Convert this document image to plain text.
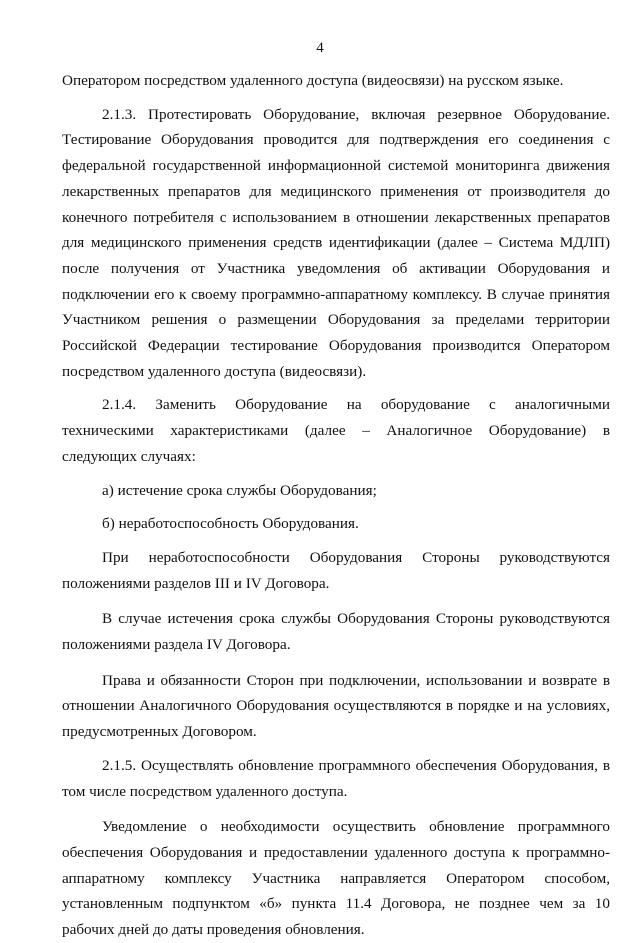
4

Оператором посредством удаленного доступа (видеосвязи) на русском языке.

2.1.3. Протестировать Оборудование, включая резервное Оборудование. Тестирование Оборудования проводится для подтверждения его соединения с федеральной государственной информационной системой мониторинга движения лекарственных препаратов для медицинского применения от производителя до конечного потребителя с использованием в отношении лекарственных препаратов для медицинского применения средств идентификации (далее – Система МДЛП) после получения от Участника уведомления об активации Оборудования и подключении его к своему программно-аппаратному комплексу. В случае принятия Участником решения о размещении Оборудования за пределами территории Российской Федерации тестирование Оборудования производится Оператором посредством удаленного доступа (видеосвязи).

2.1.4. Заменить Оборудование на оборудование с аналогичными техническими характеристиками (далее – Аналогичное Оборудование) в следующих случаях:

а) истечение срока службы Оборудования;

б) неработоспособность Оборудования.

При неработоспособности Оборудования Стороны руководствуются положениями разделов III и IV Договора.

В случае истечения срока службы Оборудования Стороны руководствуются положениями раздела IV Договора.

Права и обязанности Сторон при подключении, использовании и возврате в отношении Аналогичного Оборудования осуществляются в порядке и на условиях, предусмотренных Договором.

2.1.5. Осуществлять обновление программного обеспечения Оборудования, в том числе посредством удаленного доступа.

Уведомление о необходимости осуществить обновление программного обеспечения Оборудования и предоставлении удаленного доступа к программно-аппаратному комплексу Участника направляется Оператором способом, установленным подпунктом «б» пункта 11.4 Договора, не позднее чем за 10 рабочих дней до даты проведения обновления.
